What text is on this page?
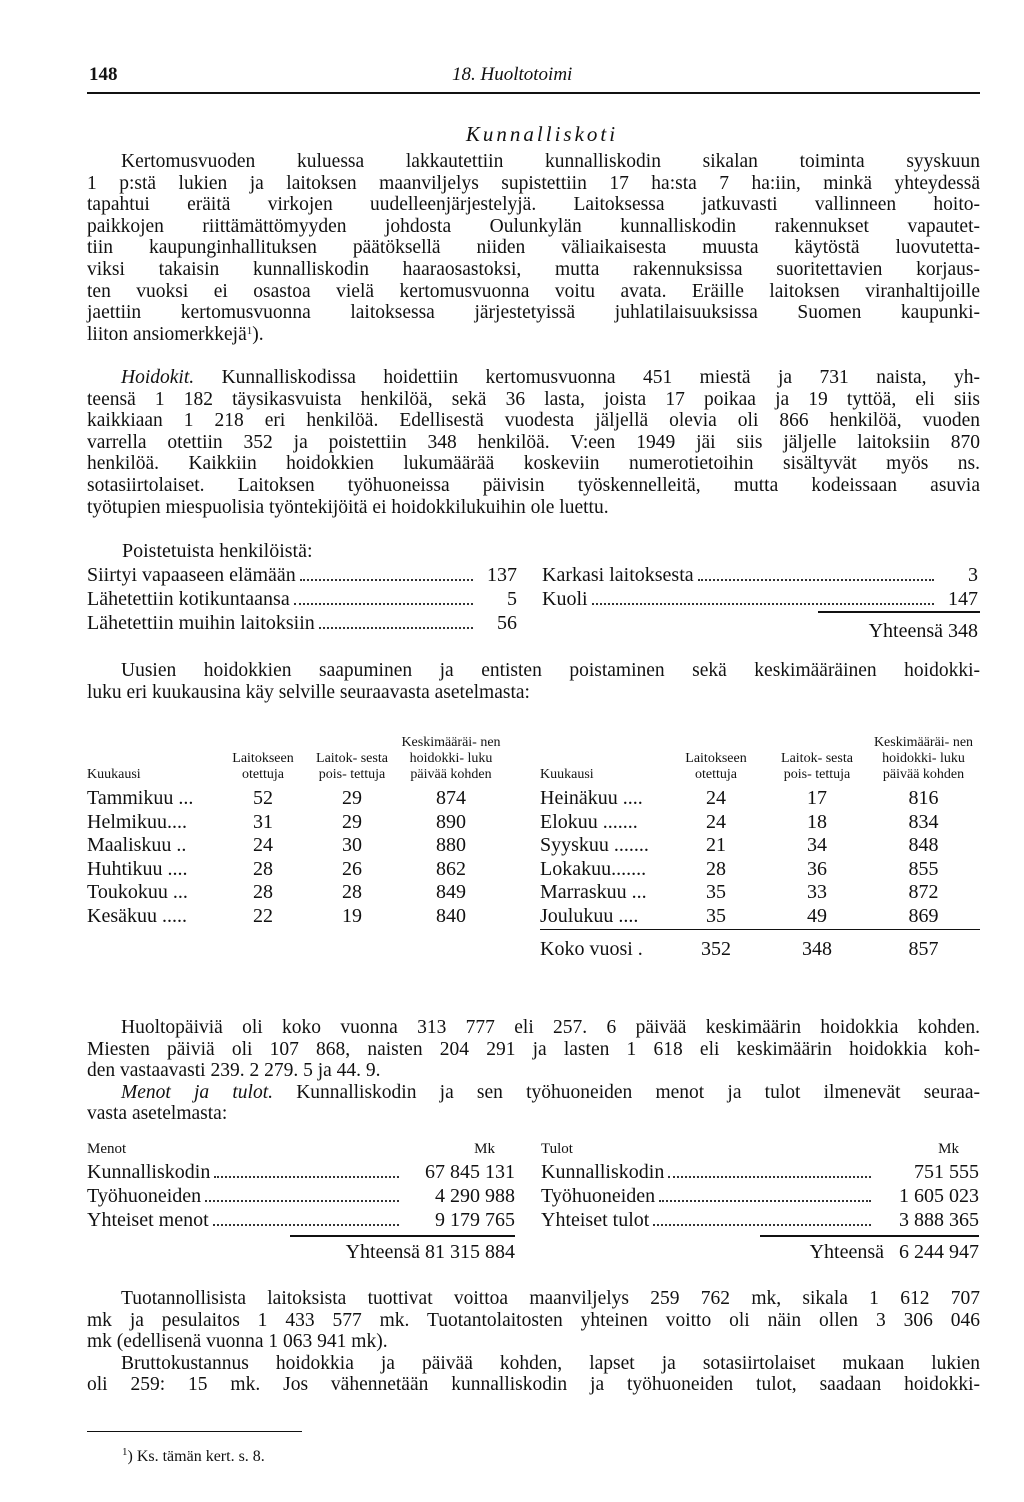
148	18. Huoltotoimi
Kunnalliskoti
Kertomusvuoden kuluessa lakkautettiin kunnalliskodin sikalan toiminta syyskuun
1 p:stä lukien ja laitoksen maanviljelys supistettiin 17 ha:sta 7 ha:iin, minkä yhteydessä
tapahtui eräitä virkojen uudelleenjärjestelyjä. Laitoksessa jatkuvasti vallinneen hoito-
paikkojen riittämättömyyden johdosta Oulunkylän kunnalliskodin rakennukset vapautet-
tiin kaupunginhallituksen päätöksellä niiden väliaikaisesta muusta käytöstä luovutetta-
viksi takaisin kunnalliskodin haaraosastoksi, mutta rakennuksissa suoritettavien korjaus-
ten vuoksi ei osastoa vielä kertomusvuonna voitu avata. Eräille laitoksen viranhaltijoille
jaettiin kertomusvuonna laitoksessa järjestetyissä juhlatilaisuuksissa Suomen kaupunki-
liiton ansiomerkkejä$^1$).
Hoidokit. Kunnalliskodissa hoidettiin kertomusvuonna 451 miestä ja 731 naista, yh-
teensä 1 182 täysikasvuista henkilöä, sekä 36 lasta, joista 17 poikaa ja 19 tyttöä, eli siis
kaikkiaan 1 218 eri henkilöä. Edellisestä vuodesta jäljellä olevia oli 866 henkilöä, vuoden
varrella otettiin 352 ja poistettiin 348 henkilöä. V:een 1949 jäi siis jäljelle laitoksiin 870
henkilöä. Kaikkiin hoidokkien lukumäärää koskeviin numerotietoihin sisältyvät myös ns.
sotasiirtolaiset. Laitoksen työhuoneissa päivisin työskennelleitä, mutta kodeissaan asuvia
työtupien miespuolisia työntekijöitä ei hoidokkilukuihin ole luettu.
Poistetuista henkilöistä:
Siirtyi vapaaseen elämään	137
Lähetettiin kotikuntaansa	5
Lähetettiin muihin laitoksiin	56
Karkasi laitoksesta	3
Kuoli	147
Yhteensä 348
Uusien hoidokkien saapuminen ja entisten poistaminen sekä keskimääräinen hoidokki-
luku eri kuukausina käy selville seuraavasta asetelmasta:
Kuukausi	Laitokseen otettuja	Laitok- sesta pois- tettuja	Keskimääräi- nen hoidokki- luku päivää kohden
Tammikuu ...	52	29	874
Helmikuu....	31	29	890
Maaliskuu ..	24	30	880
Huhtikuu ....	28	26	862
Toukokuu ...	28	28	849
Kesäkuu .....	22	19	840
Kuukausi	Laitokseen otettuja	Laitok- sesta pois- tettuja	Keskimääräi- nen hoidokki- luku päivää kohden
Heinäkuu ....	24	17	816
Elokuu .......	24	18	834
Syyskuu .......	21	34	848
Lokakuu.......	28	36	855
Marraskuu ...	35	33	872
Joulukuu ....	35	49	869
Koko vuosi .	352	348	857
Huoltopäiviä oli koko vuonna 313 777 eli 257. 6 päivää keskimäärin hoidokkia kohden.
Miesten päiviä oli 107 868, naisten 204 291 ja lasten 1 618 eli keskimäärin hoidokkia koh-
den vastaavasti 239. 2 279. 5 ja 44. 9.
Menot ja tulot. Kunnalliskodin ja sen työhuoneiden menot ja tulot ilmenevät seuraa-
vasta asetelmasta:
Menot	Mk
Kunnalliskodin	67 845 131
Työhuoneiden	4 290 988
Yhteiset menot	9 179 765
Yhteensä 81 315 884
Tulot	Mk
Kunnalliskodin	751 555
Työhuoneiden	1 605 023
Yhteiset tulot	3 888 365
Yhteensä 6 244 947
Tuotannollisista laitoksista tuottivat voittoa maanviljelys 259 762 mk, sikala 1 612 707
mk ja pesulaitos 1 433 577 mk. Tuotantolaitosten yhteinen voitto oli näin ollen 3 306 046
mk (edellisenä vuonna 1 063 941 mk).
Bruttokustannus hoidokkia ja päivää kohden, lapset ja sotasiirtolaiset mukaan lukien
oli 259: 15 mk. Jos vähennetään kunnalliskodin ja työhuoneiden tulot, saadaan hoidokki-
$^1$) Ks. tämän kert. s. 8.
